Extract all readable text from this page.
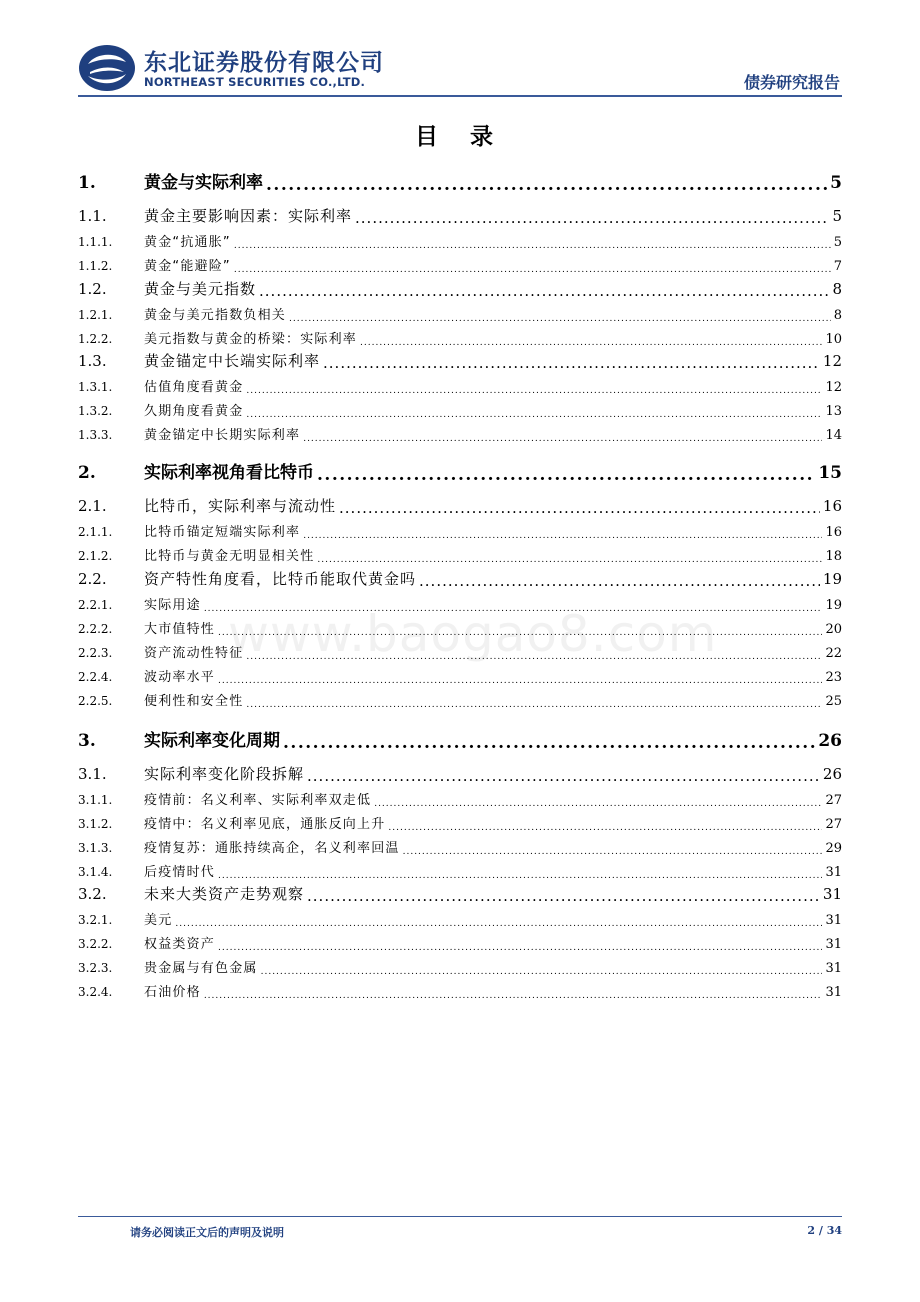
东北证券股份有限公司
NORTHEAST SECURITIES CO.,LTD.	债券研究报告
目 录
1.	黄金与实际利率 .....	5
1.1.	黄金主要影响因素：实际利率 .....	5
1.1.1.	黄金“抗通胀” .....	5
1.1.2.	黄金“能避险” .....	7
1.2.	黄金与美元指数 .....	8
1.2.1.	黄金与美元指数负相关 .....	8
1.2.2.	美元指数与黄金的桥梁：实际利率 .....	10
1.3.	黄金锚定中长端实际利率 .....	12
1.3.1.	估值角度看黄金 .....	12
1.3.2.	久期角度看黄金 .....	13
1.3.3.	黄金锚定中长期实际利率 .....	14
2.	实际利率视角看比特币 .....	15
2.1.	比特币，实际利率与流动性 .....	16
2.1.1.	比特币锚定短端实际利率 .....	16
2.1.2.	比特币与黄金无明显相关性 .....	18
2.2.	资产特性角度看，比特币能取代黄金吗 .....	19
2.2.1.	实际用途 .....	19
2.2.2.	大市值特性 .....	20
2.2.3.	资产流动性特征 .....	22
2.2.4.	波动率水平 .....	23
2.2.5.	便利性和安全性 .....	25
3.	实际利率变化周期 .....	26
3.1.	实际利率变化阶段拆解 .....	26
3.1.1.	疫情前：名义利率、实际利率双走低 .....	27
3.1.2.	疫情中：名义利率见底，通胀反向上升 .....	27
3.1.3.	疫情复苏：通胀持续高企，名义利率回温 .....	29
3.1.4.	后疫情时代 .....	31
3.2.	未来大类资产走势观察 .....	31
3.2.1.	美元 .....	31
3.2.2.	权益类资产 .....	31
3.2.3.	贵金属与有色金属 .....	31
3.2.4.	石油价格 .....	31
www.baogao8.com
请务必阅读正文后的声明及说明	2 / 34
